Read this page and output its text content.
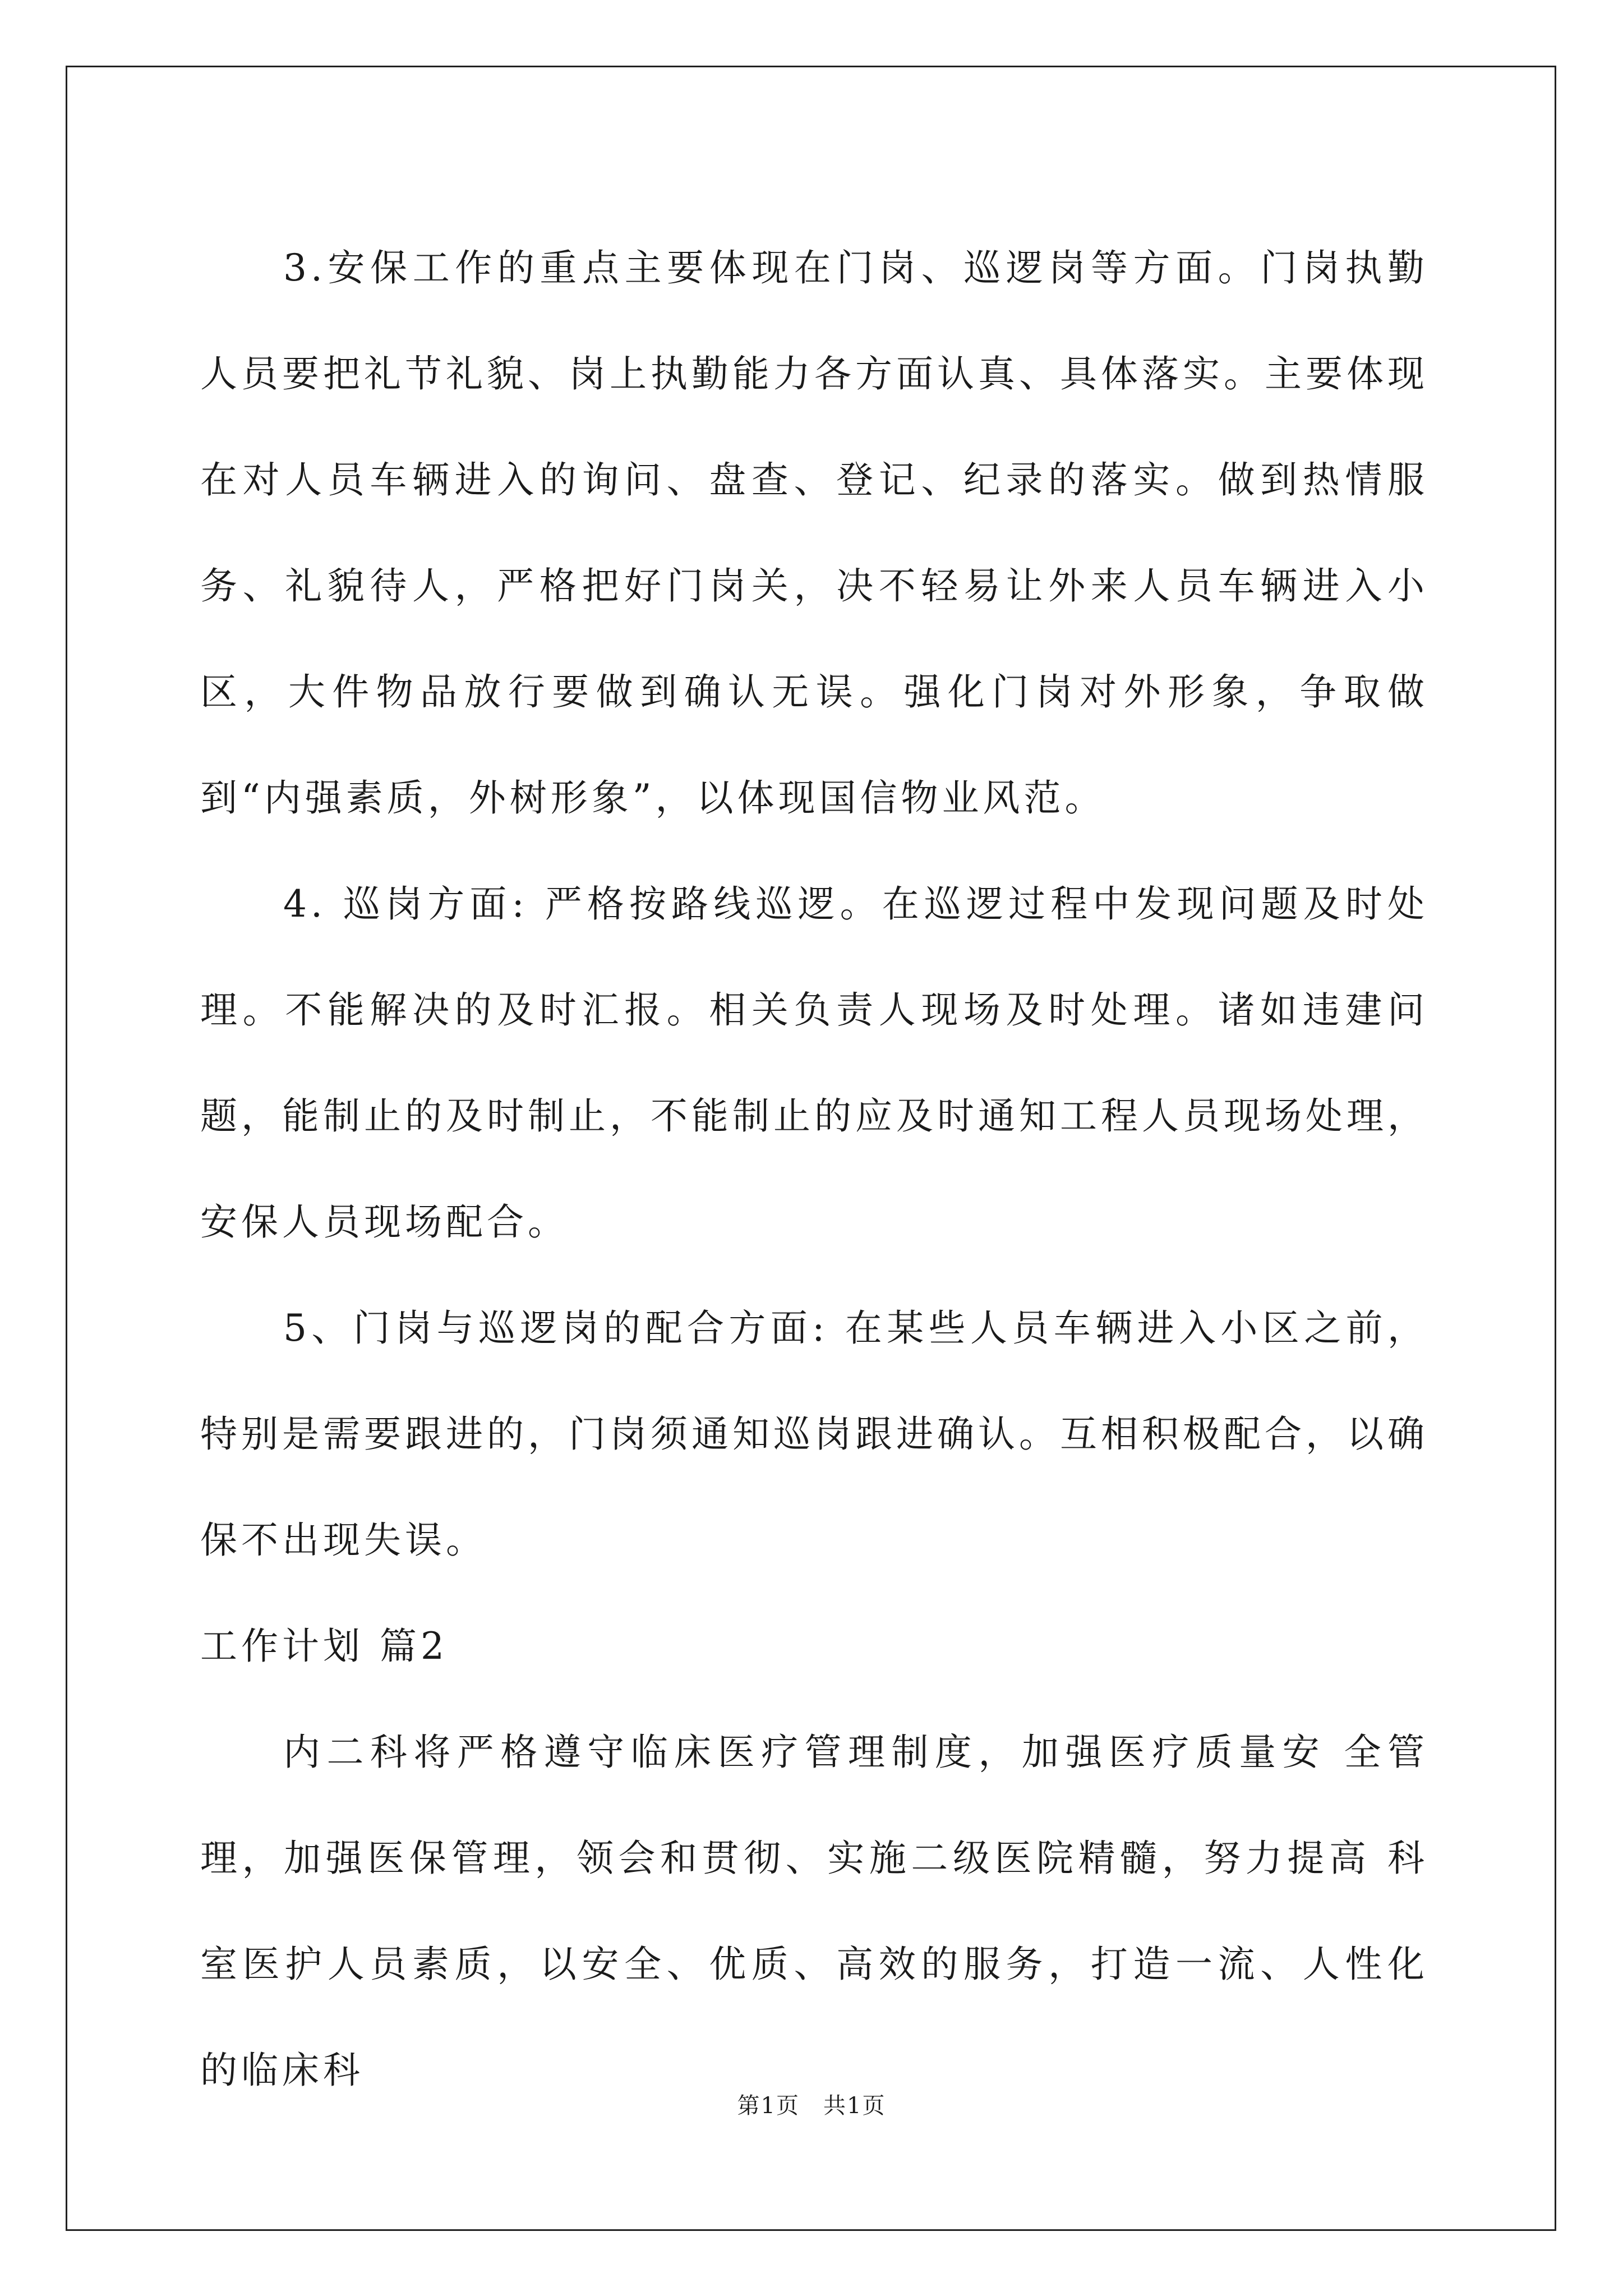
3.安保工作的重点主要体现在门岗、巡逻岗等方面。门岗执勤人员要把礼节礼貌、岗上执勤能力各方面认真、具体落实。主要体现在对人员车辆进入的询问、盘查、登记、纪录的落实。做到热情服务、礼貌待人，严格把好门岗关，决不轻易让外来人员车辆进入小区，大件物品放行要做到确认无误。强化门岗对外形象，争取做到“内强素质，外树形象”，以体现国信物业风范。

4. 巡岗方面: 严格按路线巡逻。在巡逻过程中发现问题及时处理。不能解决的及时汇报。相关负责人现场及时处理。诸如违建问题，能制止的及时制止，不能制止的应及时通知工程人员现场处理，安保人员现场配合。

5、门岗与巡逻岗的配合方面: 在某些人员车辆进入小区之前，特别是需要跟进的，门岗须通知巡岗跟进确认。互相积极配合，以确保不出现失误。

工作计划 篇2

内二科将严格遵守临床医疗管理制度，加强医疗质量安 全管理，加强医保管理，领会和贯彻、实施二级医院精髓，努力提高 科室医护人员素质，以安全、优质、高效的服务，打造一流、人性化 的临床科

第1页　共1页
